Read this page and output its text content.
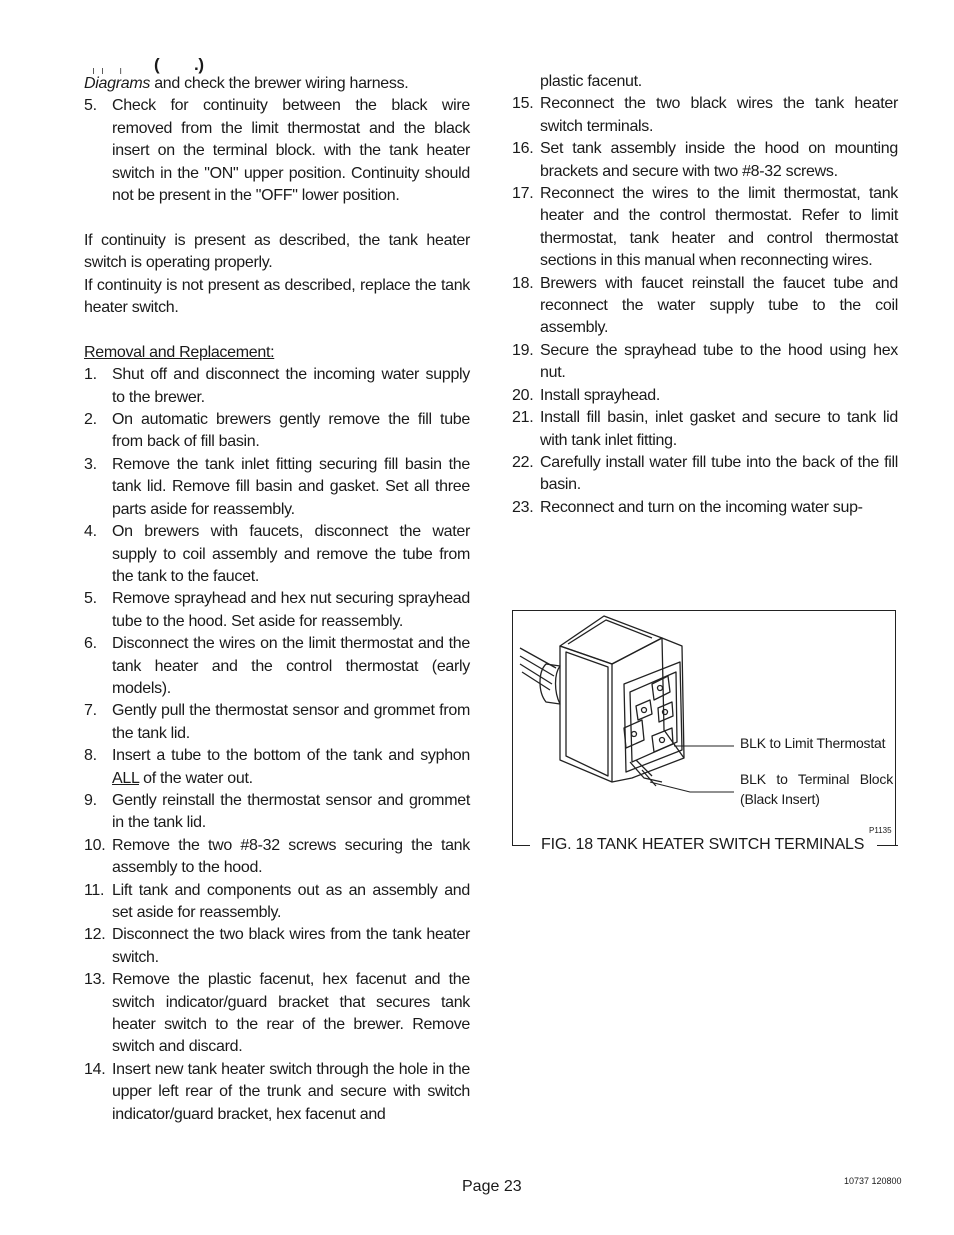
ıı ı ( .)

Diagrams and check the brewer wiring harness.

5. Check for continuity between the black wire removed from the limit thermostat and the black insert on the terminal block. with the tank heater switch in the "ON" upper position. Continuity should not be present in the "OFF" lower position.

If continuity is present as described, the tank heater switch is operating properly.

If continuity is not present as described, replace the tank heater switch.

Removal and Replacement:

1. Shut off and disconnect the incoming water supply to the brewer.
2. On automatic brewers gently remove the fill tube from back of fill basin.
3. Remove the tank inlet fitting securing fill basin the tank lid. Remove fill basin and gasket. Set all three parts aside for reassembly.
4. On brewers with faucets, disconnect the water supply to coil assembly and remove the tube from the tank to the faucet.
5. Remove sprayhead and hex nut securing sprayhead tube to the hood. Set aside for reassembly.
6. Disconnect the wires on the limit thermostat and the tank heater and the control thermostat (early models).
7. Gently pull the thermostat sensor and grommet from the tank lid.
8. Insert a tube to the bottom of the tank and syphon ALL of the water out.
9. Gently reinstall the thermostat sensor and grommet in the tank lid.
10. Remove the two #8-32 screws securing the tank assembly to the hood.
11. Lift tank and components out as an assembly and set aside for reassembly.
12. Disconnect the two black wires from the tank heater switch.
13. Remove the plastic facenut, hex facenut and the switch indicator/guard bracket that secures tank heater switch to the rear of the brewer. Remove switch and discard.
14. Insert new tank heater switch through the hole in the upper left rear of the trunk and secure with switch indicator/guard bracket, hex facenut and

plastic facenut.

15. Reconnect the two black wires the tank heater switch terminals.
16. Set tank assembly inside the hood on mounting brackets and secure with two #8-32 screws.
17. Reconnect the wires to the limit thermostat, tank heater and the control thermostat. Refer to limit thermostat, tank heater and control thermostat sections in this manual when reconnecting wires.
18. Brewers with faucet reinstall the faucet tube and reconnect the water supply tube to the coil assembly.
19. Secure the sprayhead tube to the hood using hex nut.
20. Install sprayhead.
21. Install fill basin, inlet gasket and secure to tank lid with tank inlet fitting.
22. Carefully install water fill tube into the back of the fill basin.
23. Reconnect and turn on the incoming water sup-
BLK to Limit Thermostat
BLK to Terminal Block
(Black Insert)
P1135
FIG. 18 TANK HEATER SWITCH TERMINALS
Page 23	10737 120800
